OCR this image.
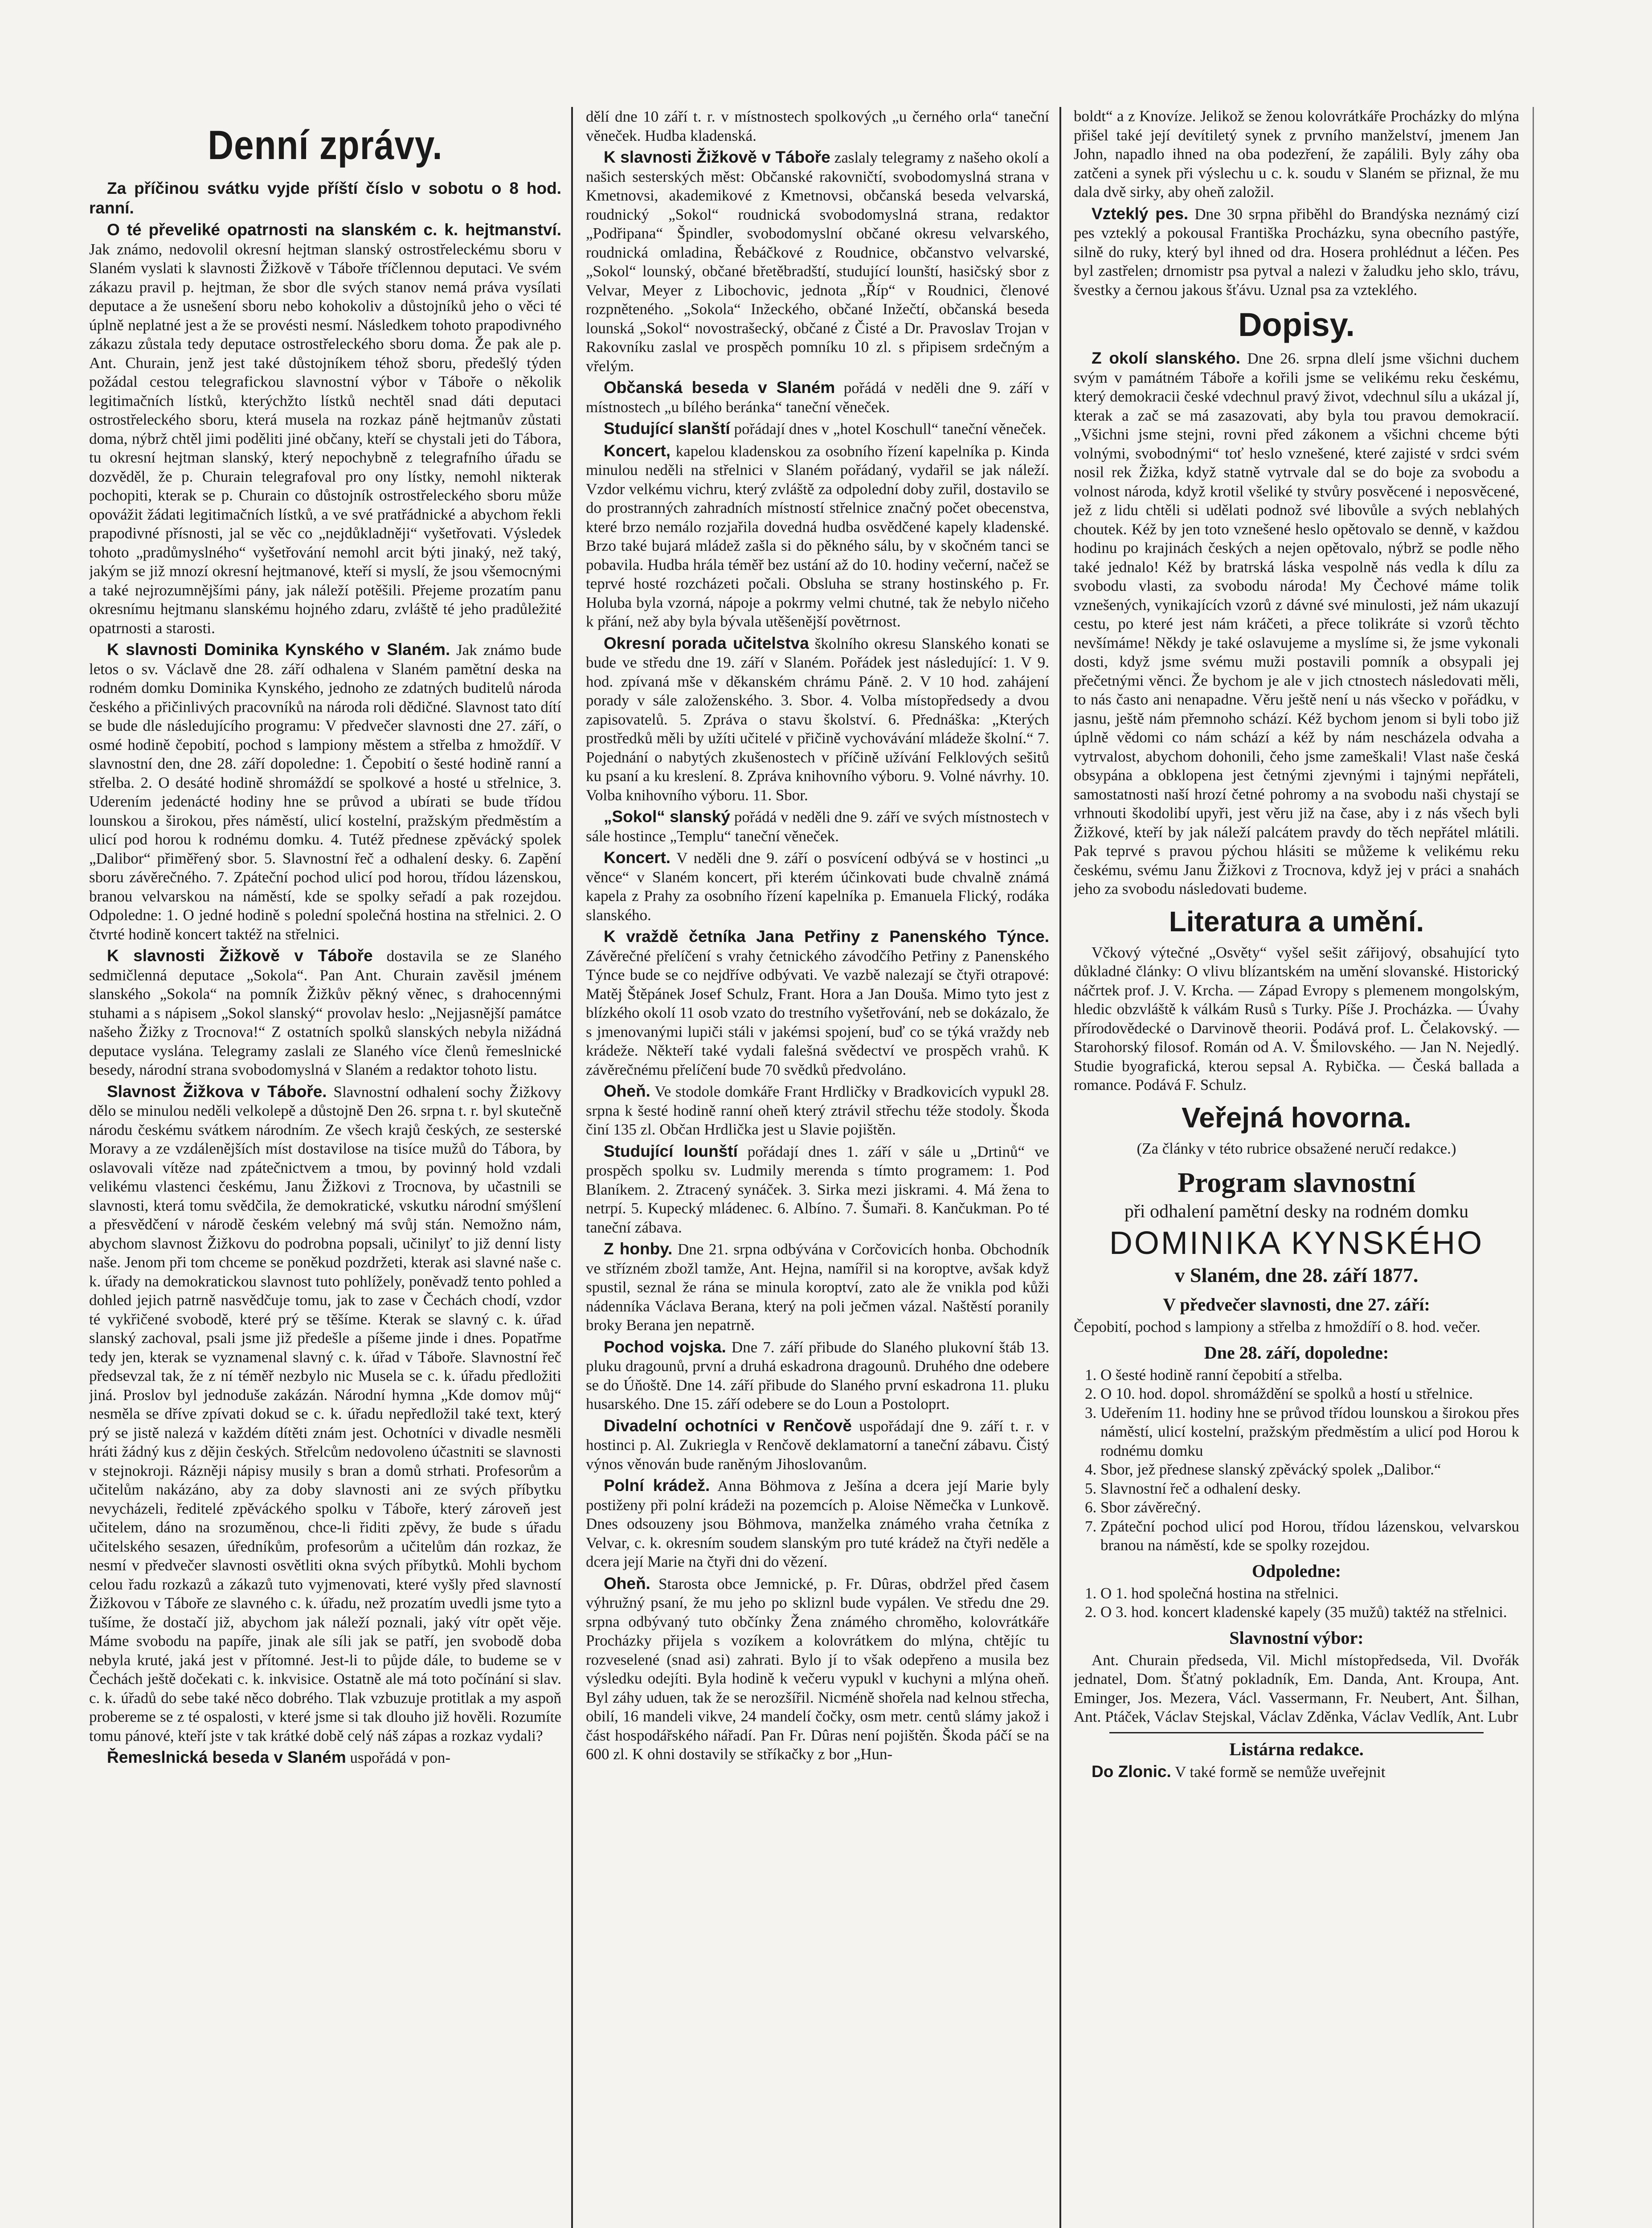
Denní zprávy.

Za příčinou svátku vyjde příští číslo v sobotu o 8 hod. ranní.

O té převeliké opatrnosti na slanském c. k. hejtmanství. Jak známo, nedovolil okresní hejtman slanský ostrostřeleckému sboru v Slaném vyslati k slavnosti Žižkově v Táboře tříčlennou deputaci. Ve svém zákazu pravil p. hejtman, že sbor dle svých stanov nemá práva vysílati deputace a že usnešení sboru nebo kohokoliv a důstojníků jeho o věci té úplně neplatné jest a že se provésti nesmí. Následkem tohoto prapodivného zákazu zůstala tedy deputace ostrostřeleckého sboru doma. Že pak ale p. Ant. Churain, jenž jest také důstojníkem téhož sboru, předešlý týden požádal cestou telegrafickou slavnostní výbor v Táboře o několik legitimačních lístků, kterýchžto lístků nechtěl snad dáti deputaci ostrostřeleckého sboru, která musela na rozkaz páně hejtmanův zůstati doma, nýbrž chtěl jimi poděliti jiné občany, kteří se chystali jeti do Tábora, tu okresní hejtman slanský, který nepochybně z telegrafního úřadu se dozvěděl, že p. Churain telegrafoval pro ony lístky, nemohl nikterak pochopiti, kterak se p. Churain co důstojník ostrostřeleckého sboru může opovážit žádati legitimačních lístků, a ve své pratřádnické a abychom řekli prapodivné přísnosti, jal se věc co „nejdůkladněji“ vyšetřovati. Výsledek tohoto „pradůmyslného“ vyšetřování nemohl arcit býti jinaký, než taký, jakým se již mnozí okresní hejtmanové, kteří si myslí, že jsou všemocnými a také nejrozumnějšími pány, jak náleží potěšili. Přejeme prozatím panu okresnímu hejtmanu slanskému hojného zdaru, zvláště té jeho pradůležité opatrnosti a starosti.

K slavnosti Dominika Kynského v Slaném. Jak známo bude letos o sv. Václavě dne 28. září odhalena v Slaném pamětní deska na rodném domku Dominika Kynského, jednoho ze zdatných buditelů národa českého a přičinlivých pracovníků na národa roli dědičné. Slavnost tato dítí se bude dle následujícího programu: V předvečer slavnosti dne 27. září, o osmé hodině čepobití, pochod s lampiony městem a střelba z hmoždíř. V slavnostní den, dne 28. září dopoledne: 1. Čepobití o šesté hodině ranní a střelba. 2. O desáté hodině shromáždí se spolkové a hosté u střelnice, 3. Uderením jedenácté hodiny hne se průvod a ubírati se bude třídou lounskou a širokou, přes náměstí, ulicí kostelní, pražským předměstím a ulicí pod horou k rodnému domku. 4. Tutéž přednese zpěvácký spolek „Dalibor“ přiměřený sbor. 5. Slavnostní řeč a odhalení desky. 6. Zapění sboru závěrečného. 7. Zpáteční pochod ulicí pod horou, třídou lázenskou, branou velvarskou na náměstí, kde se spolky seřadí a pak rozejdou. Odpoledne: 1. O jedné hodině s polední společná hostina na střelnici. 2. O čtvrté hodině koncert taktéž na střelnici.

K slavnosti Žižkově v Táboře dostavila se ze Slaného sedmičlenná deputace „Sokola“. Pan Ant. Churain zavěsil jménem slanského „Sokola“ na pomník Žižkův pěkný věnec, s drahocennými stuhami a s nápisem „Sokol slanský“ provolav heslo: „Nejjasnější památce našeho Žižky z Trocnova!“ Z ostatních spolků slanských nebyla nižádná deputace vyslána. Telegramy zaslali ze Slaného více členů řemeslnické besedy, národní strana svobodomyslná v Slaném a redaktor tohoto listu.

Slavnost Žižkova v Táboře. Slavnostní odhalení sochy Žižkovy dělo se minulou neděli velkolepě a důstojně Den 26. srpna t. r. byl skutečně národu českému svátkem národním. Ze všech krajů českých, ze sesterské Moravy a ze vzdálenějších míst dostavilose na tisíce mužů do Tábora, by oslavovali vítěze nad zpátečnictvem a tmou, by povinný hold vzdali velikému vlastenci českému, Janu Žižkovi z Trocnova, by učastnili se slavnosti, která tomu svědčila, že demokratické, vskutku národní smýšlení a přesvědčení v národě českém velebný má svůj stán. Nemožno nám, abychom slavnost Žižkovu do podrobna popsali, učinilyť to již denní listy naše. Jenom při tom chceme se poněkud pozdržeti, kterak asi slavné naše c. k. úřady na demokratickou slavnost tuto pohlížely, poněvadž tento pohled a dohled jejich patrně nasvědčuje tomu, jak to zase v Čechách chodí, vzdor té vykřičené svobodě, které prý se těšíme. Kterak se slavný c. k. úřad slanský zachoval, psali jsme již předešle a píšeme jinde i dnes. Popatřme tedy jen, kterak se vyznamenal slavný c. k. úřad v Táboře. Slavnostní řeč předsevzal tak, že z ní téměř nezbylo nic Musela se c. k. úřadu předložiti jiná. Proslov byl jednoduše zakázán. Národní hymna „Kde domov můj“ nesměla se dříve zpívati dokud se c. k. úřadu nepředložil také text, který prý se jistě nalezá v každém dítěti znám jest. Ochotníci v divadle nesměli hráti žádný kus z dějin českých. Střelcům nedovoleno účastniti se slavnosti v stejnokroji. Rázněji nápisy musily s bran a domů strhati. Profesorům a učitelům nakázáno, aby za doby slavnosti ani ze svých příbytku nevycházeli, ředitelé zpěváckého spolku v Táboře, který zároveň jest učitelem, dáno na srozuměnou, chce-li řiditi zpěvy, že bude s úřadu učitelského sesazen, úředníkům, profesorům a učitelům dán rozkaz, že nesmí v předvečer slavnosti osvětliti okna svých příbytků. Mohli bychom celou řadu rozkazů a zákazů tuto vyjmenovati, které vyšly před slavností Žižkovou v Táboře ze slavného c. k. úřadu, než prozatím uvedli jsme tyto a tušíme, že dostačí již, abychom jak náleží poznali, jaký vítr opět věje. Máme svobodu na papíře, jinak ale síli jak se patří, jen svobodě doba nebyla kruté, jaká jest v přítomné. Jest-li to půjde dále, to budeme se v Čechách ještě dočekati c. k. inkvisice. Ostatně ale má toto počínání si slav. c. k. úřadů do sebe také něco dobrého. Tlak vzbuzuje protitlak a my aspoň probereme se z té ospalosti, v které jsme si tak dlouho již hověli. Rozumíte tomu pánové, kteří jste v tak krátké době celý náš zápas a rozkaz vydali?

Řemeslnická beseda v Slaném uspořádá v pon-

dělí dne 10 září t. r. v místnostech spolkových „u černého orla“ taneční věneček. Hudba kladenská.

K slavnosti Žižkově v Táboře zaslaly telegramy z našeho okolí a našich sesterských měst: Občanské rakovničtí, svobodomyslná strana v Kmetnovsi, akademikové z Kmetnovsi, občanská beseda velvarská, roudnický „Sokol“ roudnická svobodomyslná strana, redaktor „Podřipana“ Špindler, svobodomyslní občané okresu velvarského, roudnická omladina, Řebáčkové z Roudnice, občanstvo velvarské, „Sokol“ lounský, občané břetěbradští, studující lounští, hasičský sbor z Velvar, Meyer z Libochovic, jednota „Říp“ v Roudnici, členové rozpněteného. „Sokola“ Inžeckého, občané Inžečtí, občanská beseda lounská „Sokol“ novostrašecký, občané z Čisté a Dr. Pravoslav Trojan v Rakovníku zaslal ve prospěch pomníku 10 zl. s připisem srdečným a vřelým.

Občanská beseda v Slaném pořádá v neděli dne 9. září v místnostech „u bílého beránka“ taneční věneček.

Studující slanští pořádají dnes v „hotel Koschull“ taneční věneček.

Koncert, kapelou kladenskou za osobního řízení kapelníka p. Kinda minulou neděli na střelnici v Slaném pořádaný, vydařil se jak náleží. Vzdor velkému vichru, který zvláště za odpolední doby zuřil, dostavilo se do prostranných zahradních místností střelnice značný počet obecenstva, které brzo nemálo rozjařila dovedná hudba osvědčené kapely kladenské. Brzo také bujará mládež zašla si do pěkného sálu, by v skočném tanci se pobavila. Hudba hrála téměř bez ustání až do 10. hodiny večerní, načež se teprvé hosté rozcházeti počali. Obsluha se strany hostinského p. Fr. Holuba byla vzorná, nápoje a pokrmy velmi chutné, tak že nebylo ničeho k přání, než aby byla bývala utěšenější povětrnost.

Okresní porada učitelstva školního okresu Slanského konati se bude ve středu dne 19. září v Slaném. Pořádek jest následující: 1. V 9. hod. zpívaná mše v děkanském chrámu Páně. 2. V 10 hod. zahájení porady v sále založenského. 3. Sbor. 4. Volba místopředsedy a dvou zapisovatelů. 5. Zpráva o stavu školství. 6. Přednáška: „Kterých prostředků měli by užíti učitelé v přičině vychovávání mládeže školní.“ 7. Pojednání o nabytých zkušenostech v příčině užívání Felklových sešitů ku psaní a ku kreslení. 8. Zpráva knihovního výboru. 9. Volné návrhy. 10. Volba knihovního výboru. 11. Sbor.

„Sokol“ slanský pořádá v neděli dne 9. září ve svých místnostech v sále hostince „Templu“ taneční věneček.

Koncert. V neděli dne 9. září o posvícení odbývá se v hostinci „u věnce“ v Slaném koncert, při kterém účinkovati bude chvalně známá kapela z Prahy za osobního řízení kapelníka p. Emanuela Flický, rodáka slanského.

K vraždě četníka Jana Petřiny z Panenského Týnce. Závěrečné přelíčení s vrahy četnického závodčího Petřiny z Panenského Týnce bude se co nejdříve odbývati. Ve vazbě nalezají se čtyři otrapové: Matěj Štěpánek Josef Schulz, Frant. Hora a Jan Douša. Mimo tyto jest z blízkého okolí 11 osob vzato do trestního vyšetřování, neb se dokázalo, že s jmenovanými lupiči stáli v jakémsi spojení, buď co se týká vraždy neb krádeže. Někteří také vydali falešná svědectví ve prospěch vrahů. K závěrečnému přelíčení bude 70 svědků předvoláno.

Oheň. Ve stodole domkáře Frant Hrdličky v Bradkovicích vypukl 28. srpna k šesté hodině ranní oheň který ztrávil střechu téže stodoly. Škoda činí 135 zl. Občan Hrdlička jest u Slavie pojištěn.

Studující lounští pořádají dnes 1. září v sále u „Drtinů“ ve prospěch spolku sv. Ludmily merenda s tímto programem: 1. Pod Blaníkem. 2. Ztracený synáček. 3. Sirka mezi jiskrami. 4. Má žena to netrpí. 5. Kupecký mládenec. 6. Albíno. 7. Šumaři. 8. Kančukman. Po té taneční zábava.

Z honby. Dne 21. srpna odbývána v Corčovicích honba. Obchodník ve střízném zbožl tamže, Ant. Hejna, namířil si na koroptve, avšak když spustil, seznal že rána se minula koroptví, zato ale že vnikla pod kůži nádenníka Václava Berana, který na poli ječmen vázal. Naštěstí poranily broky Berana jen nepatrně.

Pochod vojska. Dne 7. září přibude do Slaného plukovní štáb 13. pluku dragounů, první a druhá eskadrona dragounů. Druhého dne odebere se do Úňoště. Dne 14. září přibude do Slaného první eskadrona 11. pluku husarského. Dne 15. září odebere se do Loun a Postoloprt.

Divadelní ochotníci v Renčově uspořádají dne 9. září t. r. v hostinci p. Al. Zukriegla v Renčově deklamatorní a taneční zábavu. Čistý výnos věnován bude raněným Jihoslovanům.

Polní krádež. Anna Böhmova z Ješína a dcera její Marie byly postiženy při polní krádeži na pozemcích p. Aloise Němečka v Lunkově. Dnes odsouzeny jsou Böhmova, manželka známého vraha četníka z Velvar, c. k. okresním soudem slanským pro tuté krádež na čtyři neděle a dcera její Marie na čtyři dni do vězení.

Oheň. Starosta obce Jemnické, p. Fr. Dûras, obdržel před časem výhružný psaní, že mu jeho po skliznl bude vypálen. Ve středu dne 29. srpna odbývaný tuto občínky Žena známého chroměho, kolovrátkáře Procházky přijela s vozíkem a kolovrátkem do mlýna, chtějíc tu rozveselené (snad asi) zahrati. Bylo jí to však odepřeno a musila bez výsledku odejíti. Byla hodině k večeru vypukl v kuchyni a mlýna oheň. Byl záhy uduen, tak že se nerozšířil. Nicméně shořela nad kelnou střecha, obilí, 16 mandeli vikve, 24 mandelí čočky, osm metr. centů slámy jakož i část hospodářského nářadí. Pan Fr. Dûras není pojištěn. Škoda páčí se na 600 zl. K ohni dostavily se stříkačky z bor „Hun-

boldt“ a z Knovíze. Jelikož se ženou kolovrátkáře Procházky do mlýna přišel také její devítiletý synek z prvního manželství, jmenem Jan John, napadlo ihned na oba podezření, že zapálili. Byly záhy oba zatčeni a synek při výslechu u c. k. soudu v Slaném se přiznal, že mu dala dvě sirky, aby oheň založil.

Vzteklý pes. Dne 30 srpna přiběhl do Brandýska neznámý cizí pes vzteklý a pokousal Františka Procházku, syna obecního pastýře, silně do ruky, který byl ihned od dra. Hosera prohlédnut a léčen. Pes byl zastřelen; drnomistr psa pytval a nalezi v žaludku jeho sklo, trávu, švestky a černou jakous šťávu. Uznal psa za vzteklého.

Dopisy.

Z okolí slanského. Dne 26. srpna dlelí jsme všichni duchem svým v památném Táboře a kořili jsme se velikému reku českému, který demokracii české vdechnul pravý život, vdechnul sílu a ukázal jí, kterak a zač se má zasazovati, aby byla tou pravou demokracií. „Všichni jsme stejni, rovni před zákonem a všichni chceme býti volnými, svobodnými“ toť heslo vznešené, které zajisté v srdci svém nosil rek Žižka, když statně vytrvale dal se do boje za svobodu a volnost národa, když krotil všeliké ty stvůry posvěcené i neposvěcené, jež z lidu chtěli si udělati podnož své libovůle a svých neblahých choutek. Kéž by jen toto vznešené heslo opětovalo se denně, v každou hodinu po krajinách českých a nejen opětovalo, nýbrž se podle něho také jednalo! Kéž by bratrská láska vespolně nás vedla k dílu za svobodu vlasti, za svobodu národa! My Čechové máme tolik vznešených, vynikajících vzorů z dávné své minulosti, jež nám ukazují cestu, po které jest nám kráčeti, a přece tolikráte si vzorů těchto nevšímáme! Někdy je také oslavujeme a myslíme si, že jsme vykonali dosti, když jsme svému muži postavili pomník a obsypali jej přečetnými věnci. Že bychom je ale v jich ctnostech následovati měli, to nás často ani nenapadne. Věru ještě není u nás všecko v pořádku, v jasnu, ještě nám přemnoho schází. Kéž bychom jenom si byli tobo již úplně vědomi co nám schází a kéž by nám nescházela odvaha a vytrvalost, abychom dohonili, čeho jsme zameškali! Vlast naše česká obsypána a obklopena jest četnými zjevnými i tajnými nepřáteli, samostatnosti naší hrozí četné pohromy a na svobodu naši chystají se vrhnouti škodolibí upyři, jest věru již na čase, aby i z nás všech byli Žižkové, kteří by jak náleží palcátem pravdy do těch nepřátel mlátili. Pak teprvé s pravou pýchou hlásiti se můžeme k velikému reku českému, svému Janu Žižkovi z Trocnova, když jej v práci a snahách jeho za svobodu následovati budeme.

Literatura a umění.

Včkový výtečné „Osvěty“ vyšel sešit zářijový, obsahující tyto důkladné články: O vlivu blízantském na umění slovanské. Historický náčrtek prof. J. V. Krcha. — Západ Evropy s plemenem mongolským, hledic obzvláště k válkám Rusů s Turky. Píše J. Procházka. — Úvahy přírodovědecké o Darvinově theorii. Podává prof. L. Čelakovský. — Starohorský filosof. Román od A. V. Šmilovského. — Jan N. Nejedlý. Studie byografická, kterou sepsal A. Rybička. — Česká ballada a romance. Podává F. Schulz.

Veřejná hovorna.

(Za články v této rubrice obsažené neručí redakce.)

Program slavnostní
při odhalení pamětní desky na rodném domku
DOMINIKA KYNSKÉHO
v Slaném, dne 28. září 1877.
V předvečer slavnosti, dne 27. září:

Čepobití, pochod s lampiony a střelba z hmoždíří o 8. hod. večer.

Dne 28. září, dopoledne:
1. O šesté hodině ranní čepobití a střelba.
2. O 10. hod. dopol. shromáždění se spolků a hostí u střelnice.
3. Udeřením 11. hodiny hne se průvod třídou lounskou a širokou přes náměstí, ulicí kostelní, pražským předměstím a ulicí pod Horou k rodnému domku
4. Sbor, jež přednese slanský zpěvácký spolek „Dalibor.“
5. Slavnostní řeč a odhalení desky.
6. Sbor závěrečný.
7. Zpáteční pochod ulicí pod Horou, třídou lázenskou, velvarskou branou na náměstí, kde se spolky rozejdou.
Odpoledne:
1. O 1. hod společná hostina na střelnici.
2. O 3. hod. koncert kladenské kapely (35 mužů) taktéž na střelnici.
Slavnostní výbor:

Ant. Churain předseda, Vil. Michl místopředseda, Vil. Dvořák jednatel, Dom. Šťatný pokladník, Em. Danda, Ant. Kroupa, Ant. Eminger, Jos. Mezera, Václ. Vassermann, Fr. Neubert, Ant. Šilhan, Ant. Ptáček, Václav Stejskal, Václav Zděnka, Václav Vedlík, Ant. Lubr

Listárna redakce.

Do Zlonic. V také formě se nemůže uveřejnit
